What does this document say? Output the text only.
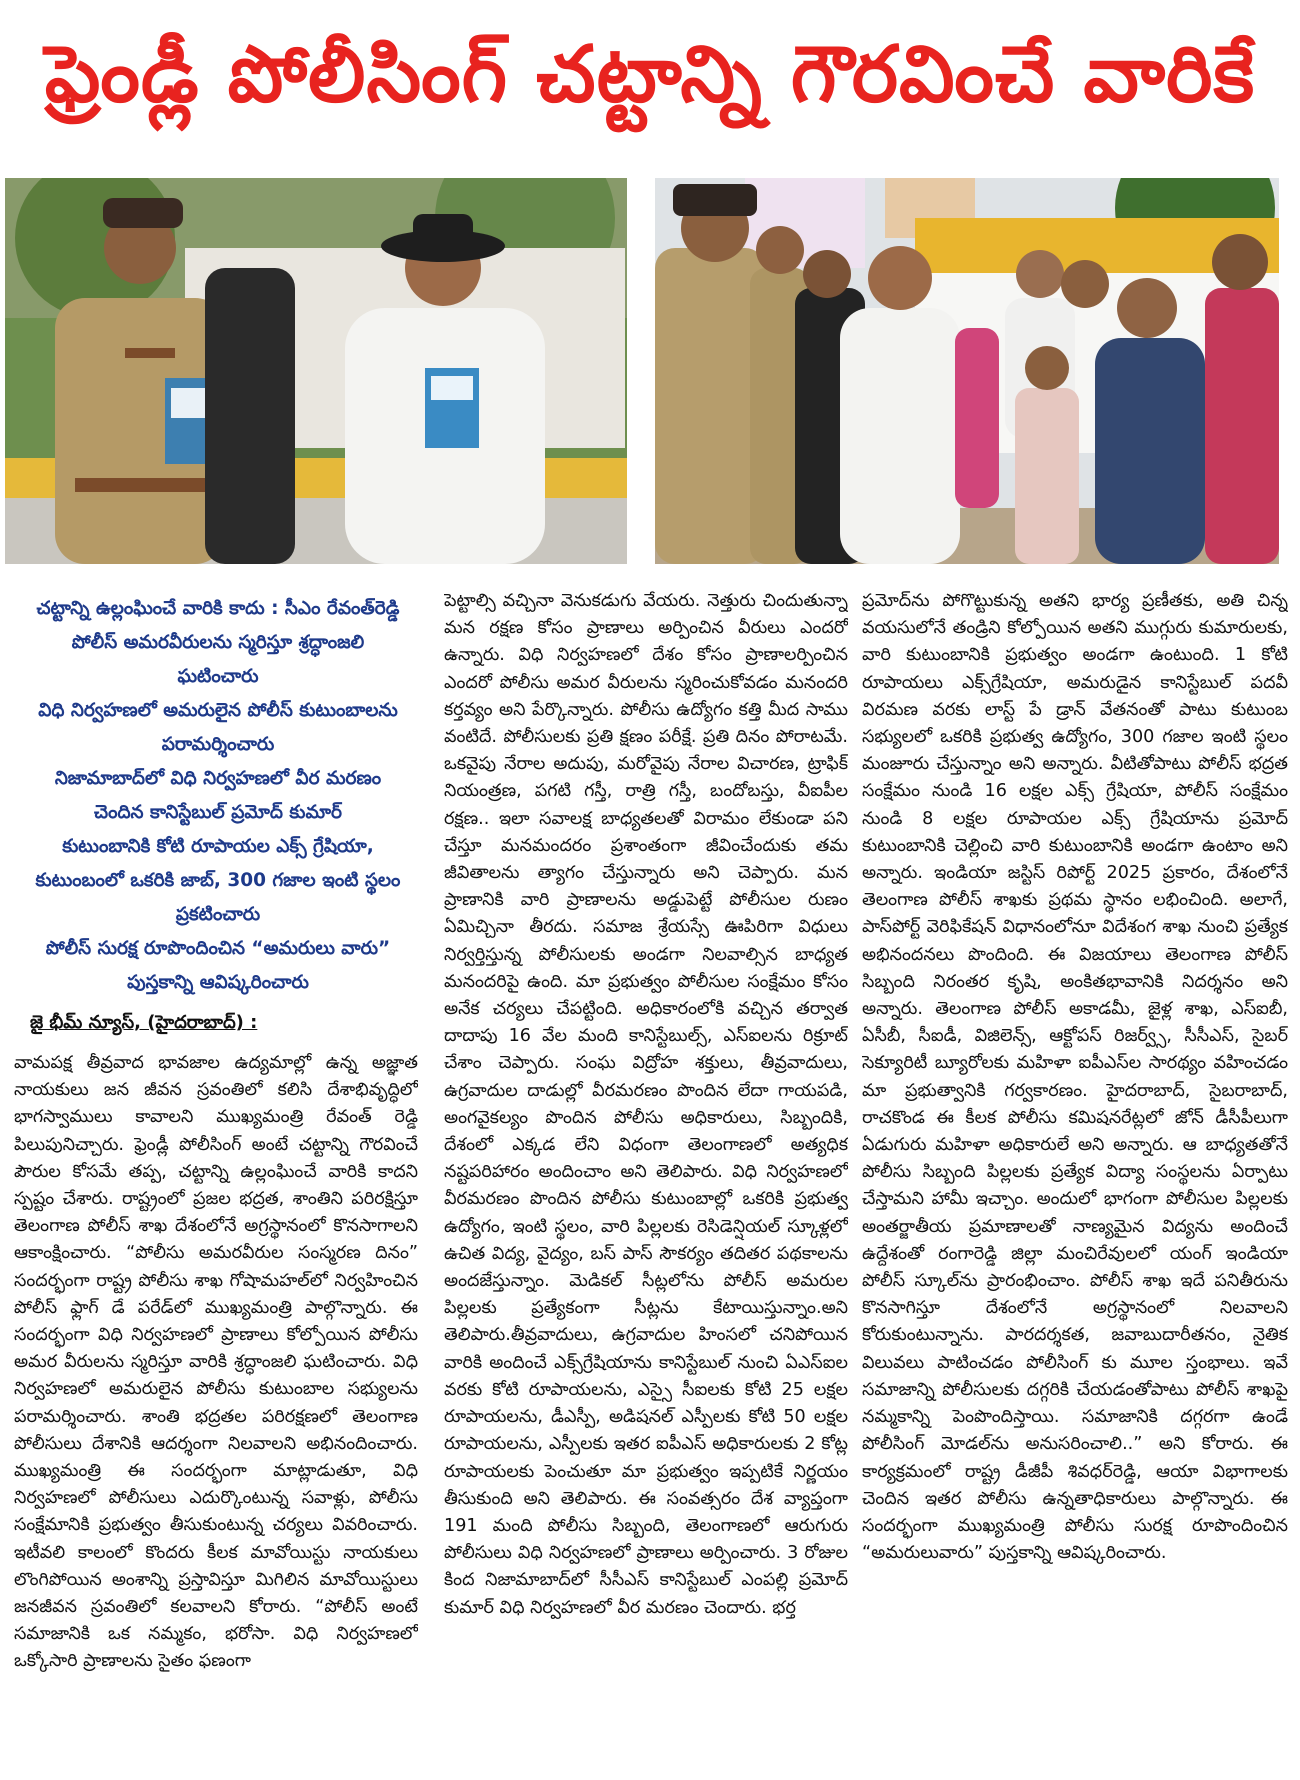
ఫ్రెండ్లీ పోలీసింగ్ చట్టాన్ని గౌరవించే వారికే
చట్టాన్ని ఉల్లంఘించే వారికి కాదు : సీఎం రేవంత్‌రెడ్డి
పోలీస్ అమరవీరులను స్మరిస్తూ శ్రద్ధాంజలి
ఘటించారు
విధి నిర్వహణలో అమరులైన పోలీస్ కుటుంబాలను
పరామర్శించారు
నిజామాబాద్‌లో విధి నిర్వహణలో వీర మరణం
చెందిన కానిస్టేబుల్ ప్రమోద్ కుమార్
కుటుంబానికి కోటి రూపాయల ఎక్స్ గ్రేషియా,
కుటుంబంలో ఒకరికి జాబ్, 300 గజాల ఇంటి స్థలం
ప్రకటించారు
పోలీస్ సురక్ష రూపొందించిన “అమరులు వారు”
పుస్తకాన్ని ఆవిష్కరించారు
జై భీమ్ న్యూస్, (హైదరాబాద్) :

వామపక్ష తీవ్రవాద భావజాల ఉద్యమాల్లో ఉన్న అజ్ఞాత నాయకులు జన జీవన స్రవంతిలో కలిసి దేశాభివృద్ధిలో భాగస్వాములు కావాలని ముఖ్యమంత్రి రేవంత్ రెడ్డి పిలుపునిచ్చారు. ఫ్రెండ్లీ పోలీసింగ్ అంటే చట్టాన్ని గౌరవించే పౌరుల కోసమే తప్ప, చట్టాన్ని ఉల్లంఘించే వారికి కాదని స్పష్టం చేశారు. రాష్ట్రంలో ప్రజల భద్రత, శాంతిని పరిరక్షిస్తూ తెలంగాణ పోలీస్ శాఖ దేశంలోనే అగ్రస్థానంలో కొనసాగాలని ఆకాంక్షించారు. “పోలీసు అమరవీరుల సంస్మరణ దినం” సందర్భంగా రాష్ట్ర పోలీసు శాఖ గోషామహల్‌లో నిర్వహించిన పోలీస్ ఫ్లాగ్ డే పరేడ్‌లో ముఖ్యమంత్రి పాల్గొన్నారు. ఈ సందర్భంగా విధి నిర్వహణలో ప్రాణాలు కోల్పోయిన పోలీసు అమర వీరులను స్మరిస్తూ వారికి శ్రద్ధాంజలి ఘటించారు. విధి నిర్వహణలో అమరులైన పోలీసు కుటుంబాల సభ్యులను పరామర్శించారు. శాంతి భద్రతల పరిరక్షణలో తెలంగాణ పోలీసులు దేశానికి ఆదర్శంగా నిలవాలని అభినందించారు. ముఖ్యమంత్రి ఈ సందర్భంగా మాట్లాడుతూ, విధి నిర్వహణలో పోలీసులు ఎదుర్కొంటున్న సవాళ్లు, పోలీసు సంక్షేమానికి ప్రభుత్వం తీసుకుంటున్న చర్యలు వివరించారు. ఇటీవలి కాలంలో కొందరు కీలక మావోయిస్టు నాయకులు లొంగిపోయిన అంశాన్ని ప్రస్తావిస్తూ మిగిలిన మావోయిస్టులు జనజీవన స్రవంతిలో కలవాలని కోరారు. “పోలీస్ అంటే సమాజానికి ఒక నమ్మకం, భరోసా. విధి నిర్వహణలో ఒక్కోసారి ప్రాణాలను సైతం ఫణంగా

పెట్టాల్సి వచ్చినా వెనుకడుగు వేయరు. నెత్తురు చిందుతున్నా మన రక్షణ కోసం ప్రాణాలు అర్పించిన వీరులు ఎందరో ఉన్నారు. విధి నిర్వహణలో దేశం కోసం ప్రాణాలర్పించిన ఎందరో పోలీసు అమర వీరులను స్మరించుకోవడం మనందరి కర్తవ్యం అని పేర్కొన్నారు. పోలీసు ఉద్యోగం కత్తి మీద సాము వంటిదే. పోలీసులకు ప్రతి క్షణం పరీక్షే. ప్రతి దినం పోరాటమే. ఒకవైపు నేరాల అదుపు, మరోవైపు నేరాల విచారణ, ట్రాఫిక్ నియంత్రణ, పగటి గస్తీ, రాత్రి గస్తీ, బందోబస్తు, వీఐపీల రక్షణ.. ఇలా సవాలక్ష బాధ్యతలతో విరామం లేకుండా పని చేస్తూ మనమందరం ప్రశాంతంగా జీవించేందుకు తమ జీవితాలను త్యాగం చేస్తున్నారు అని చెప్పారు. మన ప్రాణానికి వారి ప్రాణాలను అడ్డుపెట్టే పోలీసుల రుణం ఏమిచ్చినా తీరదు. సమాజ శ్రేయస్సే ఊపిరిగా విధులు నిర్వర్తిస్తున్న పోలీసులకు అండగా నిలవాల్సిన బాధ్యత మనందరిపై ఉంది. మా ప్రభుత్వం పోలీసుల సంక్షేమం కోసం అనేక చర్యలు చేపట్టింది. అధికారంలోకి వచ్చిన తర్వాత దాదాపు 16 వేల మంది కానిస్టేబుల్స్, ఎస్ఐలను రిక్రూట్ చేశాం చెప్పారు. సంఘ విద్రోహ శక్తులు, తీవ్రవాదులు, ఉగ్రవాదుల దాడుల్లో వీరమరణం పొందిన లేదా గాయపడి, అంగవైకల్యం పొందిన పోలీసు అధికారులు, సిబ్బందికి, దేశంలో ఎక్కడ లేని విధంగా తెలంగాణలో అత్యధిక నష్టపరిహారం అందించాం అని తెలిపారు. విధి నిర్వహణలో వీరమరణం పొందిన పోలీసు కుటుంబాల్లో ఒకరికి ప్రభుత్వ ఉద్యోగం, ఇంటి స్థలం, వారి పిల్లలకు రెసిడెన్షియల్ స్కూళ్లలో ఉచిత విద్య, వైద్యం, బస్ పాస్ సౌకర్యం తదితర పథకాలను అందజేస్తున్నాం. మెడికల్ సీట్లలోను పోలీస్ అమరుల పిల్లలకు ప్రత్యేకంగా సీట్లను కేటాయిస్తున్నాం.అని తెలిపారు.తీవ్రవాదులు, ఉగ్రవాదుల హింసలో చనిపోయిన వారికి అందించే ఎక్స్‌గ్రేషియాను కానిస్టేబుల్ నుంచి ఏఎస్ఐల వరకు కోటి రూపాయలను, ఎస్సై సీఐలకు కోటి 25 లక్షల రూపాయలను, డీఎస్పీ, అడిషనల్ ఎస్పీలకు కోటి 50 లక్షల రూపాయలను, ఎస్పీలకు ఇతర ఐపీఎస్ అధికారులకు 2 కోట్ల రూపాయలకు పెంచుతూ మా ప్రభుత్వం ఇప్పటికే నిర్ణయం తీసుకుంది అని తెలిపారు. ఈ సంవత్సరం దేశ వ్యాప్తంగా 191 మంది పోలీసు సిబ్బంది, తెలంగాణలో ఆరుగురు పోలీసులు విధి నిర్వహణలో ప్రాణాలు అర్పించారు. 3 రోజుల కింద నిజామాబాద్‌లో సీసీఎస్ కానిస్టేబుల్ ఎంపల్లి ప్రమోద్ కుమార్ విధి నిర్వహణలో వీర మరణం చెందారు. భర్త

ప్రమోద్‌ను పోగొట్టుకున్న అతని భార్య ప్రణీతకు, అతి చిన్న వయసులోనే తండ్రిని కోల్పోయిన అతని ముగ్గురు కుమారులకు, వారి కుటుంబానికి ప్రభుత్వం అండగా ఉంటుంది. 1 కోటి రూపాయలు ఎక్స్‌గ్రేషియా, అమరుడైన కానిస్టేబుల్ పదవీ విరమణ వరకు లాస్ట్ పే డ్రాన్ వేతనంతో పాటు కుటుంబ సభ్యులలో ఒకరికి ప్రభుత్వ ఉద్యోగం, 300 గజాల ఇంటి స్థలం మంజూరు చేస్తున్నాం అని అన్నారు. వీటితోపాటు పోలీస్ భద్రత సంక్షేమం నుండి 16 లక్షల ఎక్స్ గ్రేషియా, పోలీస్ సంక్షేమం నుండి 8 లక్షల రూపాయల ఎక్స్ గ్రేషియాను ప్రమోద్ కుటుంబానికి చెల్లించి వారి కుటుంబానికి అండగా ఉంటాం అని అన్నారు. ఇండియా జస్టిస్ రిపోర్ట్ 2025 ప్రకారం, దేశంలోనే తెలంగాణ పోలీస్ శాఖకు ప్రథమ స్థానం లభించింది. అలాగే, పాస్‌పోర్ట్ వెరిఫికేషన్ విధానంలోనూ విదేశంగ శాఖ నుంచి ప్రత్యేక అభినందనలు పొందింది. ఈ విజయాలు తెలంగాణ పోలీస్ సిబ్బంది నిరంతర కృషి, అంకితభావానికి నిదర్శనం అని అన్నారు. తెలంగాణ పోలీస్ అకాడమీ, జైళ్ల శాఖ, ఎస్ఐబీ, ఏసీబీ, సీఐడీ, విజిలెన్స్, ఆక్టోపస్ రిజర్వ్స్, సీసీఎస్, సైబర్ సెక్యూరిటీ బ్యూరోలకు మహిళా ఐపీఎస్‌ల సారథ్యం వహించడం మా ప్రభుత్వానికి గర్వకారణం. హైదరాబాద్, సైబరాబాద్, రాచకొండ ఈ కీలక పోలీసు కమిషనరేట్లలో జోన్ డీసీపీలుగా ఏడుగురు మహిళా అధికారులే అని అన్నారు. ఆ బాధ్యతతోనే పోలీసు సిబ్బంది పిల్లలకు ప్రత్యేక విద్యా సంస్థలను ఏర్పాటు చేస్తామని హామీ ఇచ్చాం. అందులో భాగంగా పోలీసుల పిల్లలకు అంతర్జాతీయ ప్రమాణాలతో నాణ్యమైన విద్యను అందించే ఉద్దేశంతో రంగారెడ్డి జిల్లా మంచిరేవులలో యంగ్ ఇండియా పోలీస్ స్కూల్‌ను ప్రారంభించాం. పోలీస్ శాఖ ఇదే పనితీరును కొనసాగిస్తూ దేశంలోనే అగ్రస్థానంలో నిలవాలని కోరుకుంటున్నాను. పారదర్శకత, జవాబుదారీతనం, నైతిక విలువలు పాటించడం పోలీసింగ్ కు మూల స్తంభాలు. ఇవే సమాజాన్ని పోలీసులకు దగ్గరికి చేయడంతోపాటు పోలీస్ శాఖపై నమ్మకాన్ని పెంపొందిస్తాయి. సమాజానికి దగ్గరగా ఉండే పోలీసింగ్ మోడల్‌ను అనుసరించాలి..” అని కోరారు. ఈ కార్యక్రమంలో రాష్ట్ర డీజీపీ శివధర్‌రెడ్డి, ఆయా విభాగాలకు చెందిన ఇతర పోలీసు ఉన్నతాధికారులు పాల్గొన్నారు. ఈ సందర్భంగా ముఖ్యమంత్రి పోలీసు సురక్ష రూపొందించిన “అమరులువారు” పుస్తకాన్ని ఆవిష్కరించారు.
